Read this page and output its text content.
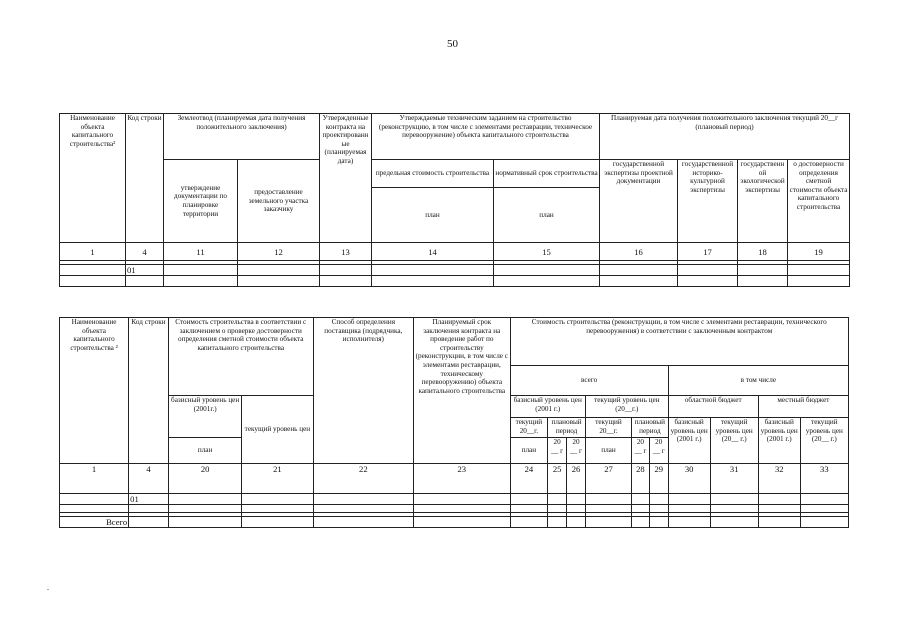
50
Наименование объекта капитального строительства²	Код строки	Землеотвод (планируемая дата получения положительного заключения)		Утвержденные контракта на проектированные (планируемая дата)	Утверждаемые техническим заданием на строительство (реконструкцию, в том числе с элементами реставрации, техническое перевооружение) объекта капитального строительства		Планируемая дата получения положительного заключения текущий 20__г (плановый период)			
		утверждение документации по планировке территории	предоставление земельного участка заказчику		предельная стоимость строительства	нормативный срок строительства	государственной экспертизы проектной документации	государственной историко-культурной экспертизы	государственной экологической экспертизы	о достоверности определения сметной стоимости объекта капитального строительства
					план	план				
1	4	11	12	13	14	15	16	17	18	19

	01									

Наименование объекта капитального строительства ²	Код строки	Стоимость строительства в соответствии с заключением о проверке достоверности определения сметной стоимости объекта капитального строительства		Способ определения поставщика (подрядчика, исполнителя)	Планируемый срок заключения контракта на проведение работ по строительству (реконструкции, в том числе с элементами реставрации, техническому перевооружению) объекта капитального строительства	Стоимость строительства (реконструкции, в том числе с элементами реставрации, технического перевооружения) в соответствии с заключенным контрактом									
						всего						в том числе			
		базисный уровень цен (2001г.)	текущий уровень цен			базисный уровень цен (2001 г.)			текущий уровень цен (20__г.)			областной бюджет		местный бюджет	
						текущий 20__г.	плановый период		текущий 20__г.	плановый период		базисный уровень цен (2001 г.)	текущий уровень цен (20__ г.)	базисный уровень цен (2001 г.)	текущий уровень цен (20__ г.)
		план				план	20 __ г	20 __ г	план	20 __ г	20 __ г				
1	4	20	21	22	23	24	25	26	27	28	29	30	31	32	33
	01														

Всего															
.
